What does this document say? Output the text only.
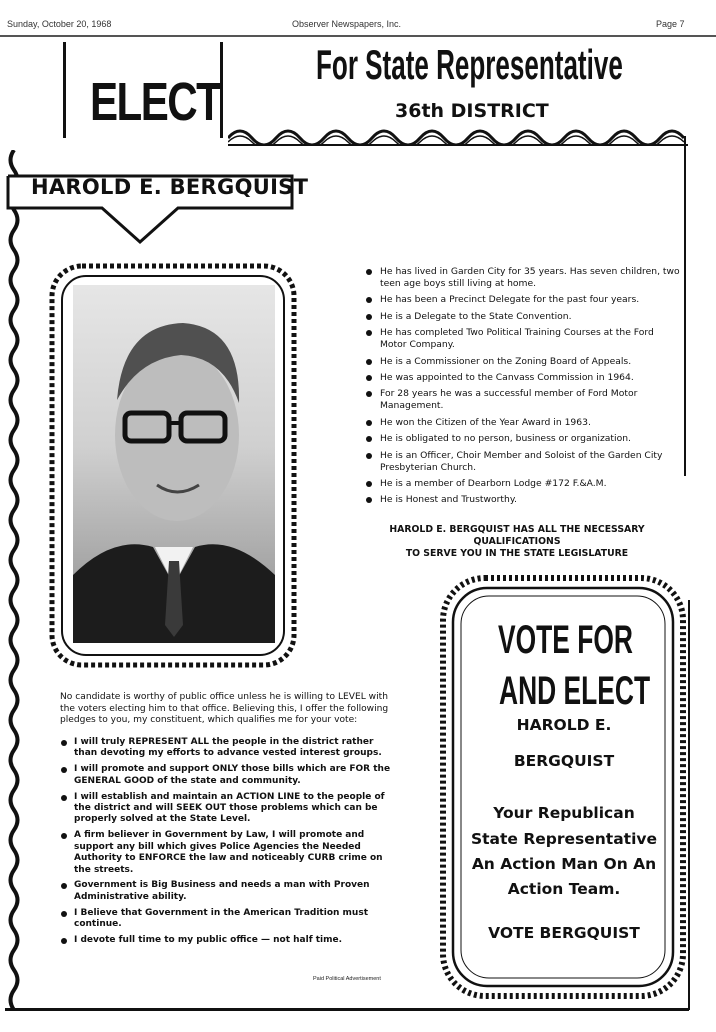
Sunday, October 20, 1968	Observer Newspapers, Inc.	Page 7
ELECT
For State Representative
36th DISTRICT
HAROLD E. BERGQUIST
He has lived in Garden City for 35 years. Has seven children, two teen age boys still living at home.
He has been a Precinct Delegate for the past four years.
He is a Delegate to the State Convention.
He has completed Two Political Training Courses at the Ford Motor Company.
He is a Commissioner on the Zoning Board of Appeals.
He was appointed to the Canvass Commission in 1964.
For 28 years he was a successful member of Ford Motor Management.
He won the Citizen of the Year Award in 1963.
He is obligated to no person, business or organization.
He is an Officer, Choir Member and Soloist of the Garden City Presbyterian Church.
He is a member of Dearborn Lodge #172 F.&A.M.
He is Honest and Trustworthy.
HAROLD E. BERGQUIST HAS ALL THE NECESSARY QUALIFICATIONS
TO SERVE YOU IN THE STATE LEGISLATURE

No candidate is worthy of public office unless he is willing to LEVEL with the voters electing him to that office. Believing this, I offer the following pledges to you, my constituent, which qualifies me for your vote:

I will truly REPRESENT ALL the people in the district rather than devoting my efforts to advance vested interest groups.
I will promote and support ONLY those bills which are FOR the GENERAL GOOD of the state and community.
I will establish and maintain an ACTION LINE to the people of the district and will SEEK OUT those problems which can be properly solved at the State Level.
A firm believer in Government by Law, I will promote and support any bill which gives Police Agencies the Needed Authority to ENFORCE the law and noticeably CURB crime on the streets.
Government is Big Business and needs a man with Proven Administrative ability.
I Believe that Government in the American Tradition must continue.
I devote full time to my public office — not half time.
VOTE FOR
AND ELECT
HAROLD E.
BERGQUIST
Your Republican
State Representative
An Action Man On An
Action Team.
VOTE BERGQUIST
Paid Political Advertisement
